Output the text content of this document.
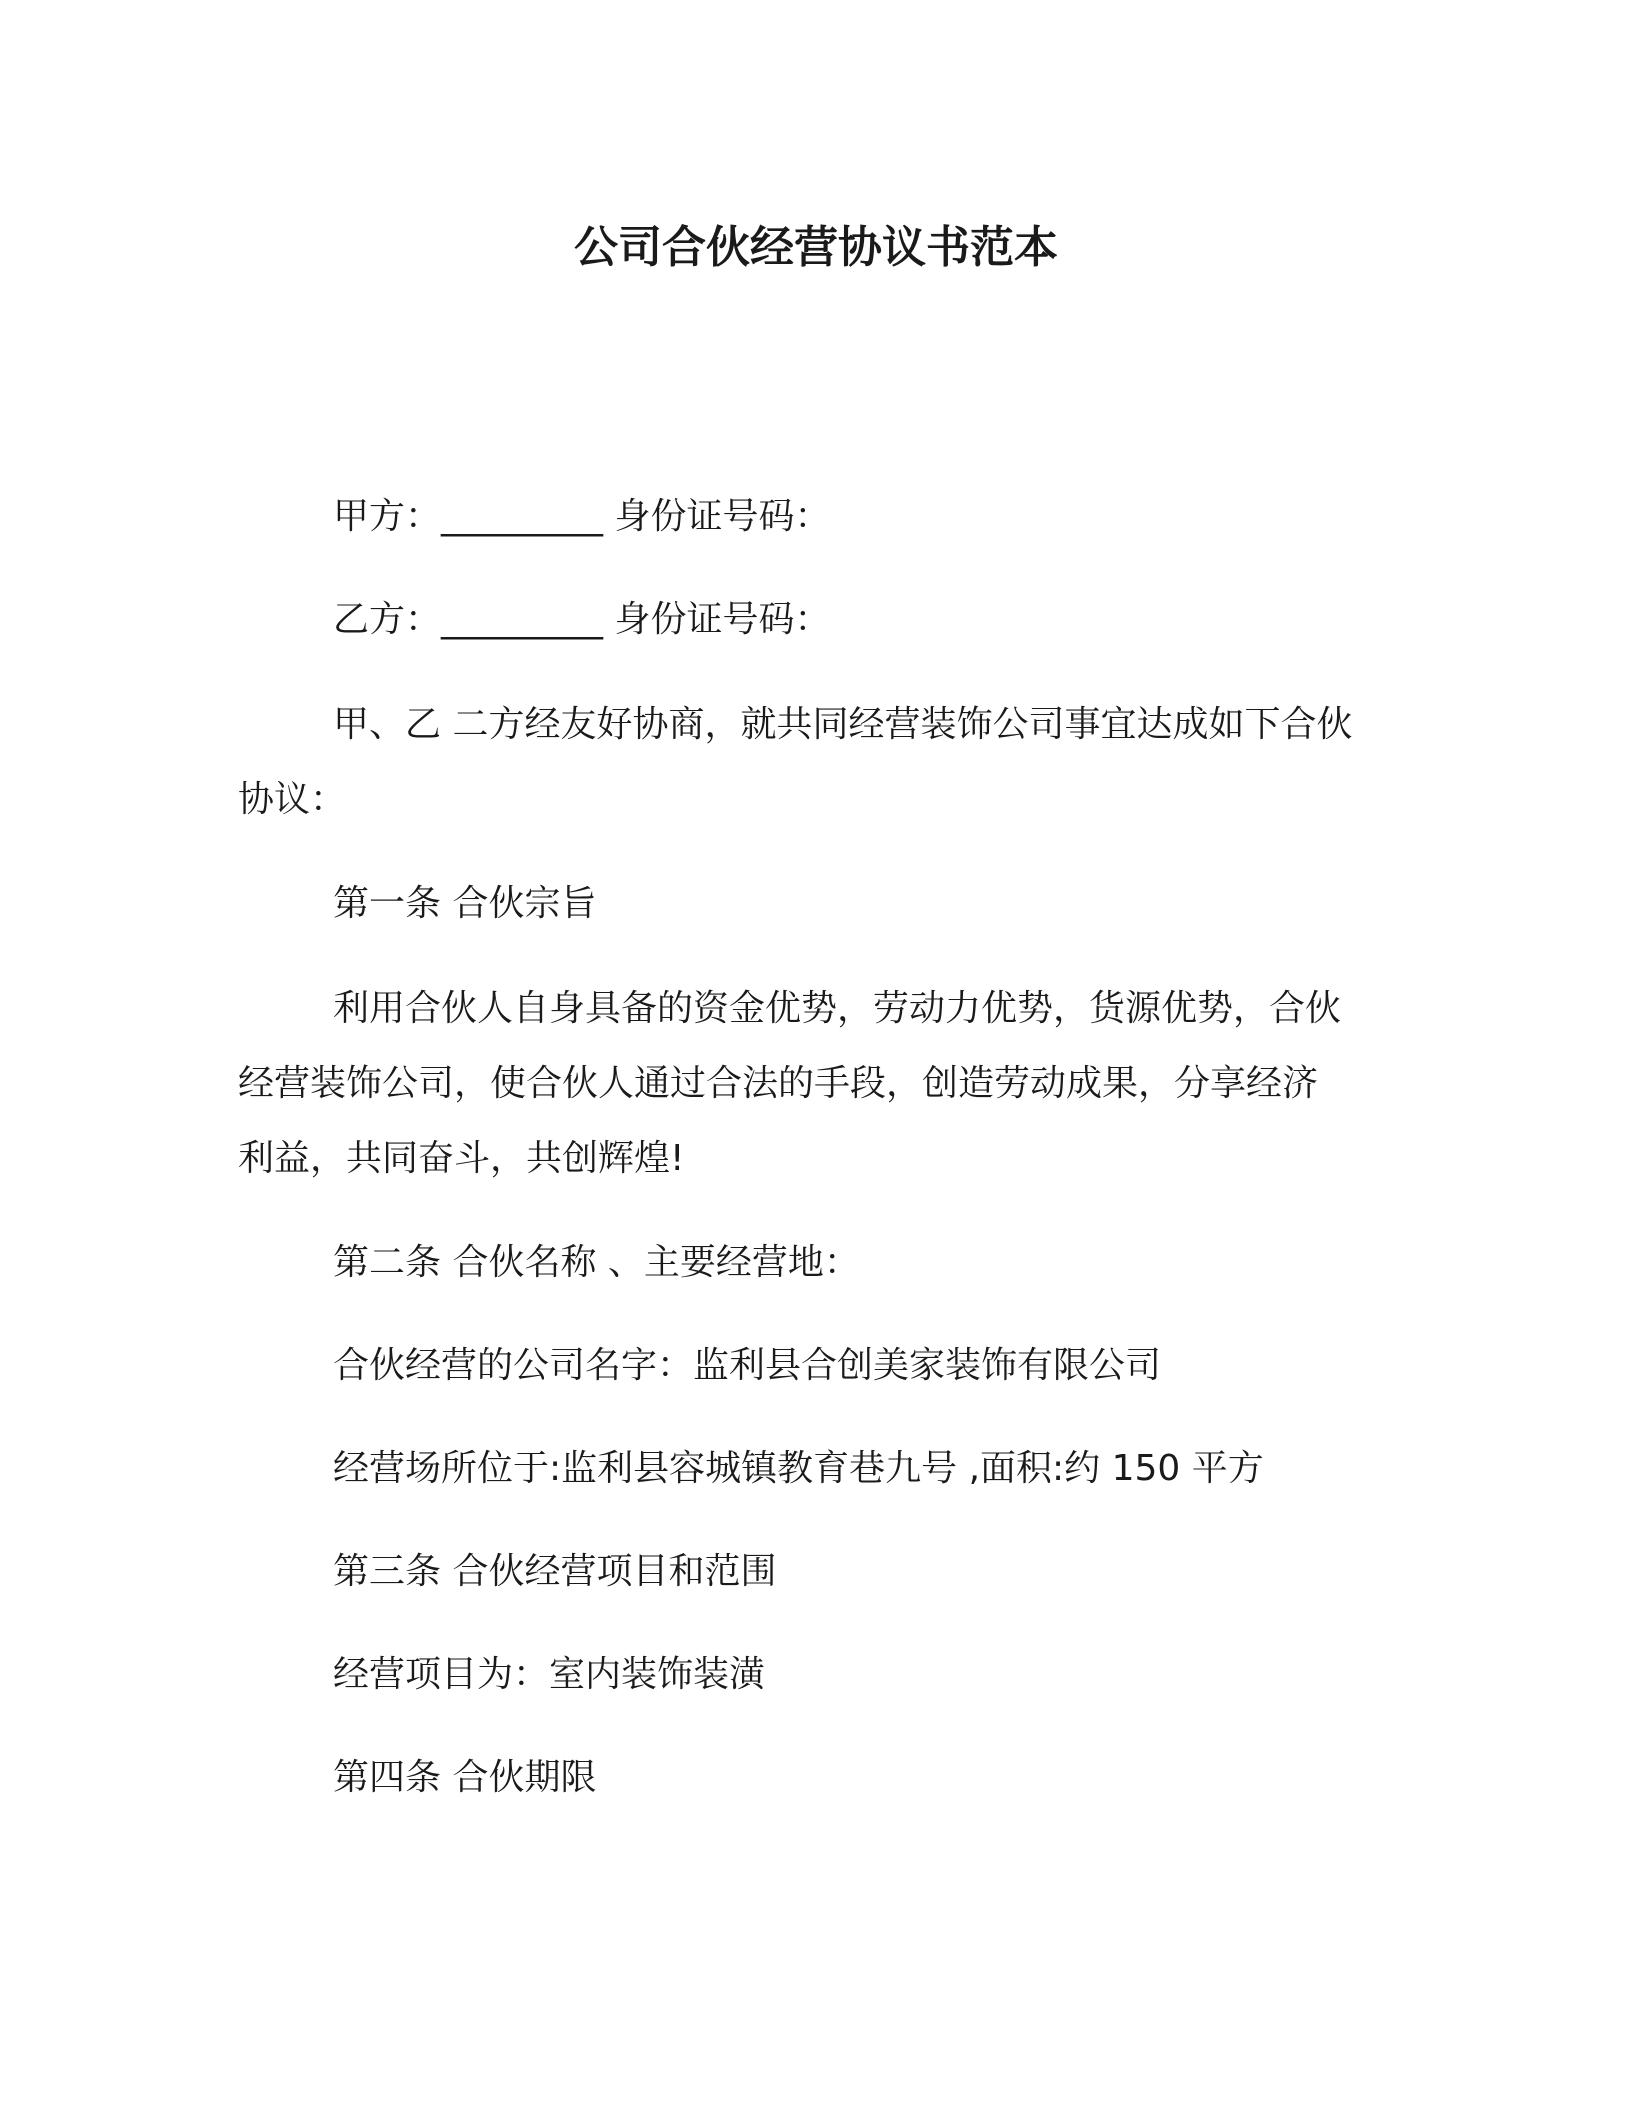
公司合伙经营协议书范本

甲方：_________ 身份证号码：

乙方：_________ 身份证号码：

甲、乙 二方经友好协商，就共同经营装饰公司事宜达成如下合伙

协议：

第一条 合伙宗旨

利用合伙人自身具备的资金优势，劳动力优势，货源优势，合伙

经营装饰公司，使合伙人通过合法的手段，创造劳动成果，分享经济

利益，共同奋斗，共创辉煌!

第二条 合伙名称 、主要经营地：

合伙经营的公司名字：监利县合创美家装饰有限公司

经营场所位于:监利县容城镇教育巷九号 ,面积:约 150 平方

第三条 合伙经营项目和范围

经营项目为：室内装饰装潢

第四条 合伙期限
